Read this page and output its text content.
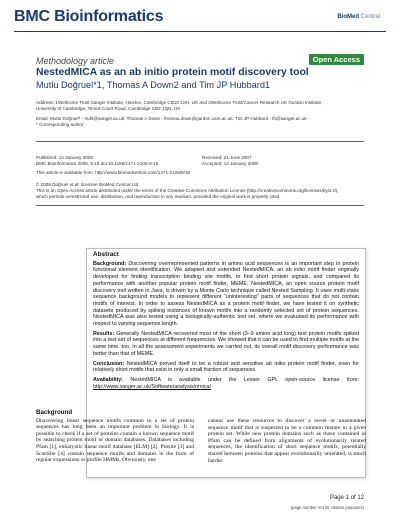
BMC Bioinformatics	BioMed Central
Methodology article	Open Access
NestedMICA as an ab initio protein motif discovery tool
Mutlu Doğruel*1, Thomas A Down2 and Tim JP Hubbard1
Address: 1Wellcome Trust Sanger Institute, Hinxton, Cambridge CB10 1SH, UK and 2Wellcome Trust/Cancer Research UK Gurdon Institute,
University of Cambridge, Tennis Court Road, Cambridge CB2 1QN, UK
Email: Mutlu Doğruel* - md5@sanger.ac.uk; Thomas A Down - thomas.down@gurdon.cam.ac.uk; Tim JP Hubbard - th@sanger.ac.uk
* Corresponding author
Published: 14 January 2008	Received: 21 June 2007
BMC Bioinformatics 2008, 9:19 doi:10.1186/1471-2105-9-19	Accepted: 14 January 2008
This article is available from: http://www.biomedcentral.com/1471-2105/9/19
© 2008 Doğruel et al; licensee BioMed Central Ltd.
This is an Open Access article distributed under the terms of the Creative Commons Attribution License (http://creativecommons.org/licenses/by/2.0),
which permits unrestricted use, distribution, and reproduction in any medium, provided the original work is properly cited.
Abstract

Background: Discovering overrepresented patterns in amino acid sequences is an important step in protein functional element identification. We adapted and extended NestedMICA, an ab initio motif finder originally developed for finding transcription binding site motifs, to find short protein signals, and compared its performance with another popular protein motif finder, MEME. NestedMICA, an open source protein motif discovery tool written in Java, is driven by a Monte Carlo technique called Nested Sampling. It uses multi-class sequence background models to represent different "uninteresting" parts of sequences that do not contain motifs of interest. In order to assess NestedMICA as a protein motif finder, we have tested it on synthetic datasets produced by spiking instances of known motifs into a randomly selected set of protein sequences. NestedMICA was also tested using a biologically-authentic test set, where we evaluated its performance with respect to varying sequence length.

Results: Generally NestedMICA recovered most of the short (3–9 amino acid long) test protein motifs spiked into a test set of sequences at different frequencies. We showed that it can be used to find multiple motifs at the same time, too. In all the assessment experiments we carried out, its overall motif discovery performance was better than that of MEME.

Conclusion: NestedMICA proved itself to be a robust and sensitive ab initio protein motif finder, even for relatively short motifs that exist in only a small fraction of sequences.

Availability: NestedMICA is available under the Lesser GPL open-source license from: http://www.sanger.ac.uk/Software/analysis/nmica/

Background
Discovering linear sequence motifs common to a set of protein sequences has long been an important problem in biology. It is possible to check if a set of proteins contain a known sequence motif by searching protein motif or domain databases. Databases including Pfam [1], eukaryotic linear motif database [ELM] [2], Prosite [3] and ScanSite [4] contain sequence motifs and domains in the form of regular expressions or profile HMMs. Obviously, one
cannot use these resources to discover a novel or unannotated sequence motif that is suspected to be a common feature in a given protein set. While new protein domains such as those contained in Pfam can be defined from alignments of evolutionarily related sequences, the identification of short sequence motifs, potentially shared between proteins that appear evolutionarily unrelated, is much harder.
Page 1 of 12
(page number not for citation purposes)
